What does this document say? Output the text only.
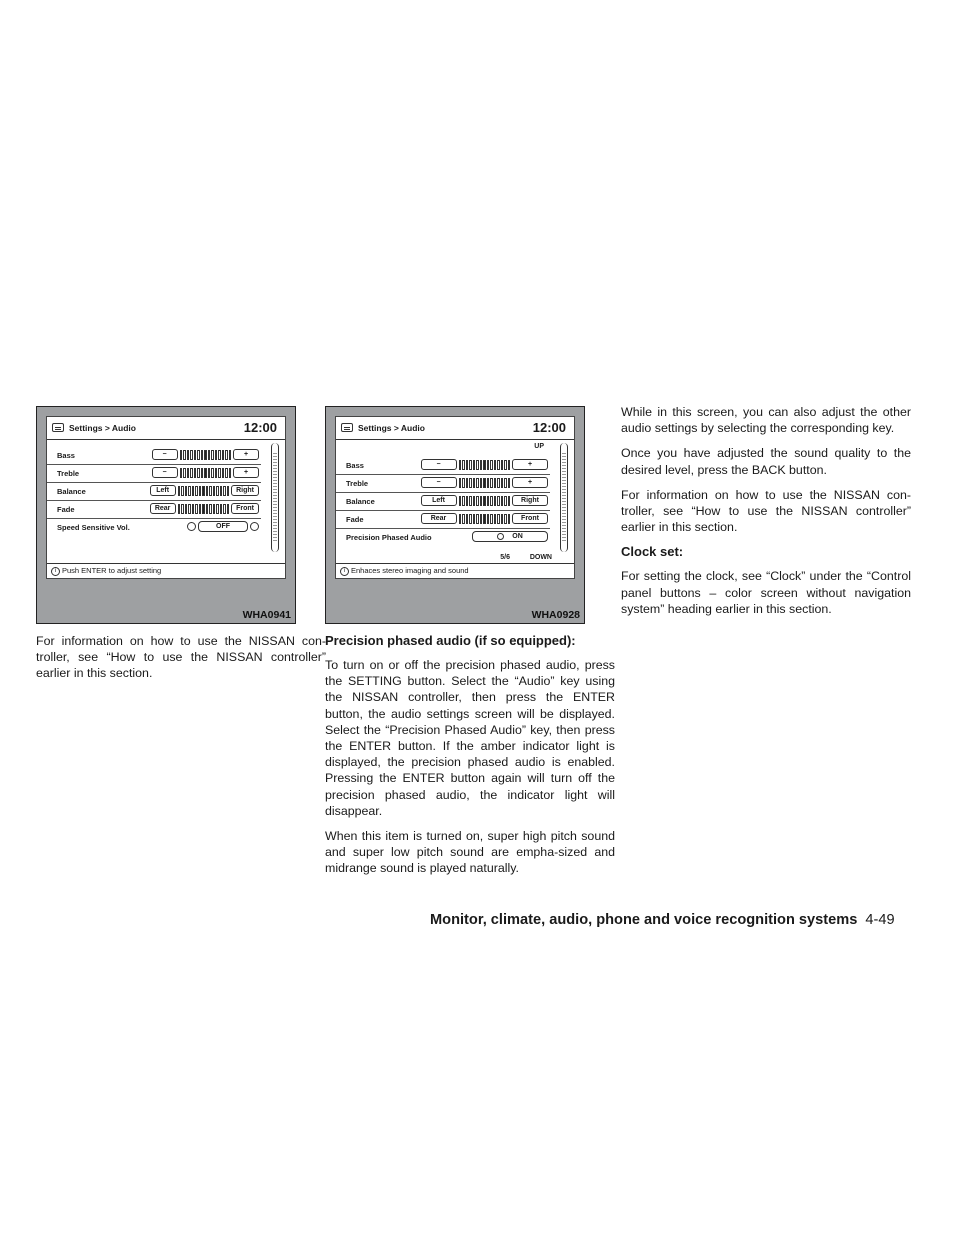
Settings > Audio	12:00
Bass	−	+
Treble	−	+
Balance	Left	Right
Fade	Rear	Front
Speed Sensitive Vol.	OFF
i Push ENTER to adjust setting
WHA0941

For information on how to use the NISSAN con-troller, see “How to use the NISSAN controller” earlier in this section.

Settings > Audio	12:00
UP
Bass	−	+
Treble	−	+
Balance	Left	Right
Fade	Rear	Front
Precision Phased Audio	ON
5/6	DOWN
i Enhaces stereo imaging and sound
WHA0928
Precision phased audio (if so equipped):

To turn on or off the precision phased audio, press the SETTING button. Select the “Audio” key using the NISSAN controller, then press the ENTER button, the audio settings screen will be displayed. Select the “Precision Phased Audio” key, then press the ENTER button. If the amber indicator light is displayed, the precision phased audio is enabled. Pressing the ENTER button again will turn off the precision phased audio, the indicator light will disappear.

When this item is turned on, super high pitch sound and super low pitch sound are empha-sized and midrange sound is played naturally.

While in this screen, you can also adjust the other audio settings by selecting the corresponding key.

Once you have adjusted the sound quality to the desired level, press the BACK button.

For information on how to use the NISSAN con-troller, see “How to use the NISSAN controller” earlier in this section.

Clock set:

For setting the clock, see “Clock” under the “Control panel buttons – color screen without navigation system” heading earlier in this section.

Monitor, climate, audio, phone and voice recognition systems 4-49
